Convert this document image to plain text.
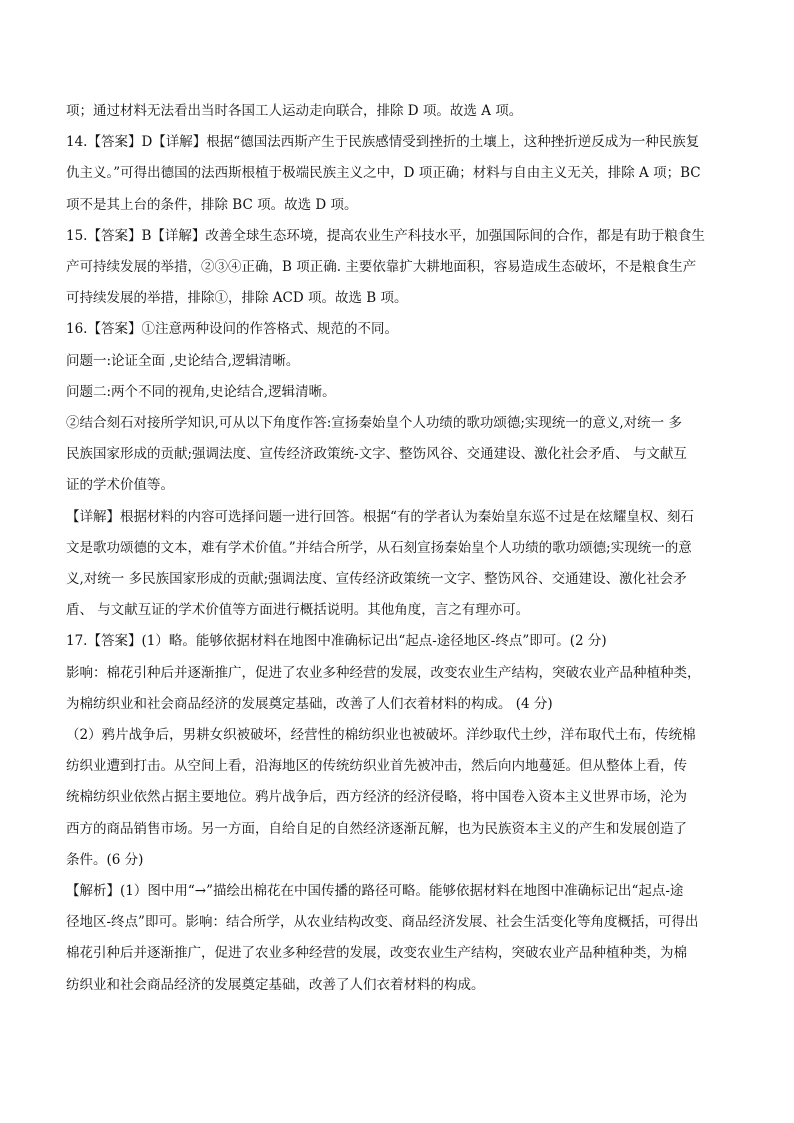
项；通过材料无法看出当时各国工人运动走向联合，排除 D 项。故选 A 项。
14.【答案】D【详解】根据“德国法西斯产生于民族感情受到挫折的土壤上，这种挫折逆反成为一种民族复
仇主义。”可得出德国的法西斯根植于极端民族主义之中，D 项正确；材料与自由主义无关，排除 A 项；BC
项不是其上台的条件，排除 BC 项。故选 D 项。
15.【答案】B【详解】改善全球生态环境，提高农业生产科技水平，加强国际间的合作，都是有助于粮食生
产可持续发展的举措，②③④正确，B 项正确. 主要依靠扩大耕地面积，容易造成生态破坏，不是粮食生产
可持续发展的举措，排除①，排除 ACD 项。故选 B 项。
16.【答案】①注意两种设问的作答格式、规范的不同。
问题一:论证全面 ,史论结合,逻辑清晰。
问题二:两个不同的视角,史论结合,逻辑清晰。
②结合刻石对接所学知识,可从以下角度作答:宣扬秦始皇个人功绩的歌功颂德;实现统一的意义,对统一 多
民族国家形成的贡献;强调法度、宣传经济政策统-文字、整饬风谷、交通建设、激化社会矛盾、 与文献互
证的学术价值等。
【详解】根据材料的内容可选择问题一进行回答。根据“有的学者认为秦始皇东巡不过是在炫耀皇权、刻石
文是歌功颂德的文本，难有学术价值。”并结合所学，从石刻宣扬秦始皇个人功绩的歌功颂德;实现统一的意
义,对统一 多民族国家形成的贡献;强调法度、宣传经济政策统一文字、整饬风谷、交通建设、激化社会矛
盾、 与文献互证的学术价值等方面进行概括说明。其他角度，言之有理亦可。
17.【答案】(1）略。能够依据材料在地图中准确标记出“起点-途径地区-终点”即可。(2 分)
影响：棉花引种后并逐渐推广，促进了农业多种经营的发展，改变农业生产结构，突破农业产品种植种类，
为棉纺织业和社会商品经济的发展奠定基础，改善了人们衣着材料的构成。 (4 分)
（2）鸦片战争后，男耕女织被破坏，经营性的棉纺织业也被破坏。洋纱取代土纱，洋布取代土布，传统棉
纺织业遭到打击。从空间上看，沿海地区的传统纺织业首先被冲击，然后向内地蔓延。但从整体上看，传
统棉纺织业依然占据主要地位。鸦片战争后，西方经济的经济侵略，将中国卷入资本主义世界市场，沦为
西方的商品销售市场。另一方面，自给自足的自然经济逐渐瓦解，也为民族资本主义的产生和发展创造了
条件。(6 分)
【解析】(1）图中用“→”描绘出棉花在中国传播的路径可略。能够依据材料在地图中准确标记出“起点-途
径地区-终点”即可。影响：结合所学，从农业结构改变、商品经济发展、社会生活变化等角度概括，可得出
棉花引种后并逐渐推广，促进了农业多种经营的发展，改变农业生产结构，突破农业产品种植种类，为棉
纺织业和社会商品经济的发展奠定基础，改善了人们衣着材料的构成。
